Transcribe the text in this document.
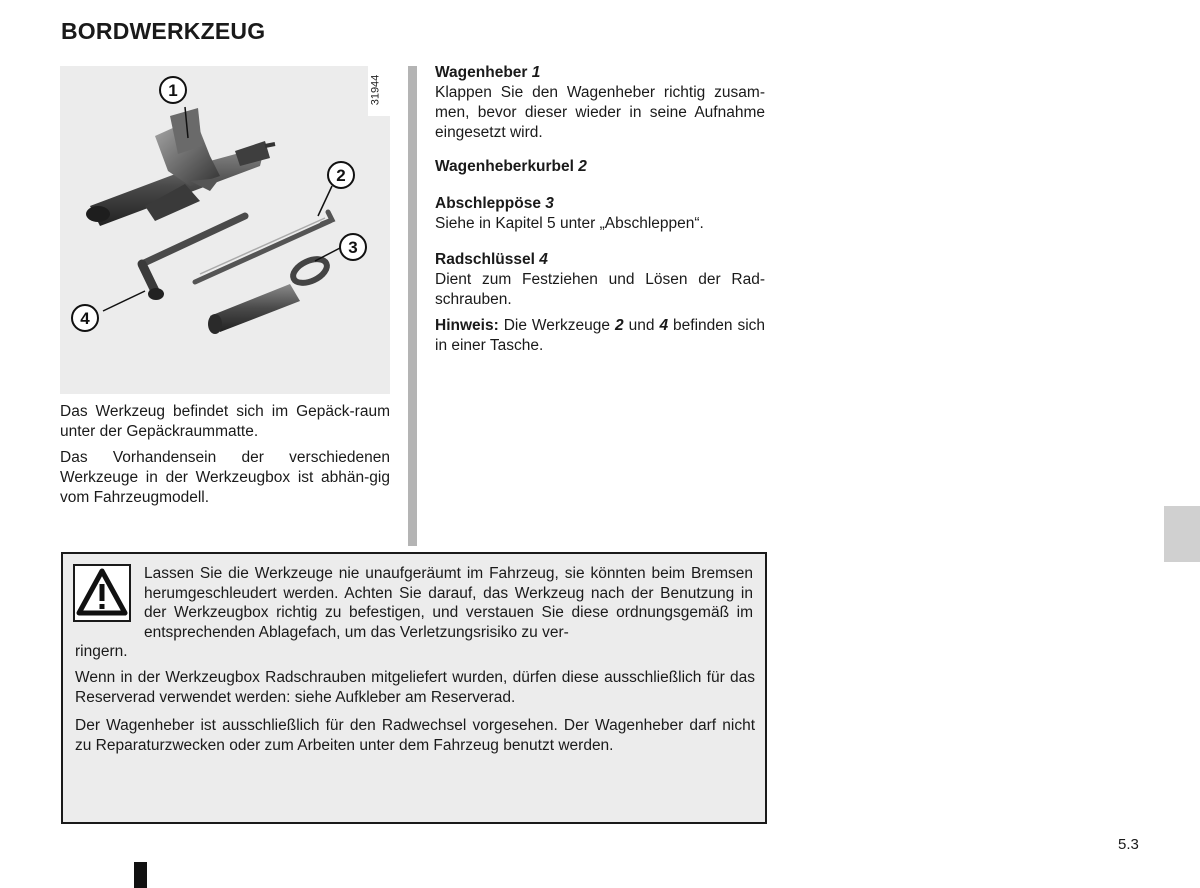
BORDWERKZEUG
1
2
3
4
31944
Das Werkzeug befindet sich im Gepäck-raum unter der Gepäckraummatte.
Das Vorhandensein der verschiedenen Werkzeuge in der Werkzeugbox ist abhän-gig vom Fahrzeugmodell.
Wagenheber 1
Klappen Sie den Wagenheber richtig zusam-men, bevor dieser wieder in seine Aufnahme eingesetzt wird.
Wagenheberkurbel 2
Abschleppöse 3
Siehe in Kapitel 5 unter „Abschleppen“.
Radschlüssel 4
Dient zum Festziehen und Lösen der Rad-schrauben.
Hinweis: Die Werkzeuge 2 und 4 befinden sich in einer Tasche.
Lassen Sie die Werkzeuge nie unaufgeräumt im Fahrzeug, sie könnten beim Bremsen herumgeschleudert werden. Achten Sie darauf, das Werkzeug nach der Benutzung in der Werkzeugbox richtig zu befestigen, und verstauen Sie diese ordnungsgemäß im entsprechenden Ablagefach, um das Verletzungsrisiko zu ver-
ringern.
Wenn in der Werkzeugbox Radschrauben mitgeliefert wurden, dürfen diese ausschließlich für das Reserverad verwendet werden: siehe Aufkleber am Reserverad.
Der Wagenheber ist ausschließlich für den Radwechsel vorgesehen. Der Wagenheber darf nicht zu Reparaturzwecken oder zum Arbeiten unter dem Fahrzeug benutzt werden.
5.3
